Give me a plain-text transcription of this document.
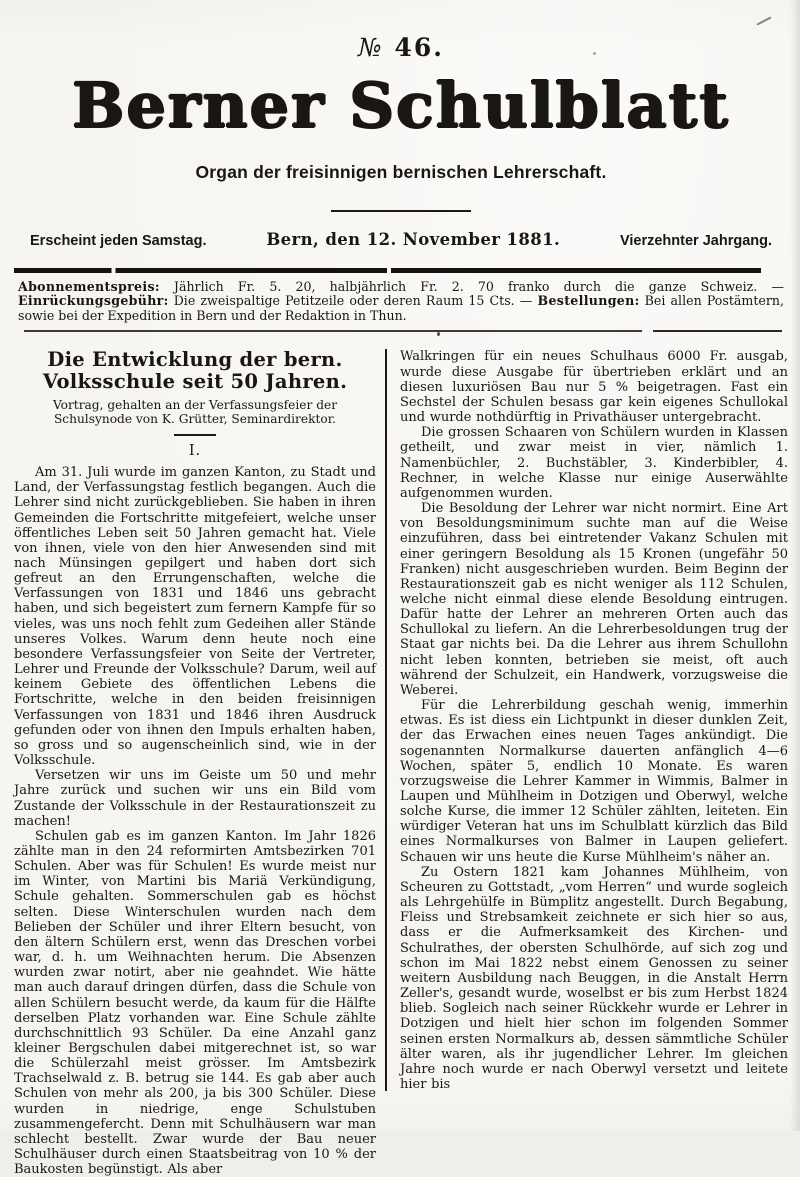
№ 46.
Berner Schulblatt
Organ der freisinnigen bernischen Lehrerschaft.
Erscheint jeden Samstag.	Bern, den 12. November 1881.	Vierzehnter Jahrgang.

Abonnementspreis: Jährlich Fr. 5. 20, halbjährlich Fr. 2. 70 franko durch die ganze Schweiz. — Einrückungsgebühr: Die zweispaltige Petitzeile oder deren Raum 15 Cts. — Bestellungen: Bei allen Postämtern, sowie bei der Expedition in Bern und der Redaktion in Thun.

Die Entwicklung der bern. Volksschule seit 50 Jahren.
Vortrag, gehalten an der Verfassungsfeier der Schulsynode von K. Grütter, Seminardirektor.
I.

Am 31. Juli wurde im ganzen Kanton, zu Stadt und Land, der Verfassungstag festlich begangen. Auch die Lehrer sind nicht zurückgeblieben. Sie haben in ihren Gemeinden die Fortschritte mitgefeiert, welche unser öffentliches Leben seit 50 Jahren gemacht hat. Viele von ihnen, viele von den hier Anwesenden sind mit nach Münsingen gepilgert und haben dort sich gefreut an den Errungenschaften, welche die Verfassungen von 1831 und 1846 uns gebracht haben, und sich begeistert zum fernern Kampfe für so vieles, was uns noch fehlt zum Gedeihen aller Stände unseres Volkes. Warum denn heute noch eine besondere Verfassungsfeier von Seite der Vertreter, Lehrer und Freunde der Volksschule? Darum, weil auf keinem Gebiete des öffentlichen Lebens die Fortschritte, welche in den beiden freisinnigen Verfassungen von 1831 und 1846 ihren Ausdruck gefunden oder von ihnen den Impuls erhalten haben, so gross und so augenscheinlich sind, wie in der Volksschule.

Versetzen wir uns im Geiste um 50 und mehr Jahre zurück und suchen wir uns ein Bild vom Zustande der Volksschule in der Restaurationszeit zu machen!

Schulen gab es im ganzen Kanton. Im Jahr 1826 zählte man in den 24 reformirten Amtsbezirken 701 Schulen. Aber was für Schulen! Es wurde meist nur im Winter, von Martini bis Mariä Verkündigung, Schule gehalten. Sommerschulen gab es höchst selten. Diese Winterschulen wurden nach dem Belieben der Schüler und ihrer Eltern besucht, von den ältern Schülern erst, wenn das Dreschen vorbei war, d. h. um Weihnachten herum. Die Absenzen wurden zwar notirt, aber nie geahndet. Wie hätte man auch darauf dringen dürfen, dass die Schule von allen Schülern besucht werde, da kaum für die Hälfte derselben Platz vorhanden war. Eine Schule zählte durchschnittlich 93 Schüler. Da eine Anzahl ganz kleiner Bergschulen dabei mitgerechnet ist, so war die Schülerzahl meist grösser. Im Amtsbezirk Trachselwald z. B. betrug sie 144. Es gab aber auch Schulen von mehr als 200, ja bis 300 Schüler. Diese wurden in niedrige, enge Schulstuben zusammengefercht. Denn mit Schulhäusern war man schlecht bestellt. Zwar wurde der Bau neuer Schulhäuser durch einen Staatsbeitrag von 10 % der Baukosten begünstigt. Als aber

Walkringen für ein neues Schulhaus 6000 Fr. ausgab, wurde diese Ausgabe für übertrieben erklärt und an diesen luxuriösen Bau nur 5 % beigetragen. Fast ein Sechstel der Schulen besass gar kein eigenes Schullokal und wurde nothdürftig in Privathäuser untergebracht.

Die grossen Schaaren von Schülern wurden in Klassen getheilt, und zwar meist in vier, nämlich 1. Namenbüchler, 2. Buchstäbler, 3. Kinderbibler, 4. Rechner, in welche Klasse nur einige Auserwählte aufgenommen wurden.

Die Besoldung der Lehrer war nicht normirt. Eine Art von Besoldungsminimum suchte man auf die Weise einzuführen, dass bei eintretender Vakanz Schulen mit einer geringern Besoldung als 15 Kronen (ungefähr 50 Franken) nicht ausgeschrieben wurden. Beim Beginn der Restaurationszeit gab es nicht weniger als 112 Schulen, welche nicht einmal diese elende Besoldung eintrugen. Dafür hatte der Lehrer an mehreren Orten auch das Schullokal zu liefern. An die Lehrerbesoldungen trug der Staat gar nichts bei. Da die Lehrer aus ihrem Schullohn nicht leben konnten, betrieben sie meist, oft auch während der Schulzeit, ein Handwerk, vorzugsweise die Weberei.

Für die Lehrerbildung geschah wenig, immerhin etwas. Es ist diess ein Lichtpunkt in dieser dunklen Zeit, der das Erwachen eines neuen Tages ankündigt. Die sogenannten Normalkurse dauerten anfänglich 4—6 Wochen, später 5, endlich 10 Monate. Es waren vorzugsweise die Lehrer Kammer in Wimmis, Balmer in Laupen und Mühlheim in Dotzigen und Oberwyl, welche solche Kurse, die immer 12 Schüler zählten, leiteten. Ein würdiger Veteran hat uns im Schulblatt kürzlich das Bild eines Normalkurses von Balmer in Laupen geliefert. Schauen wir uns heute die Kurse Mühlheim's näher an.

Zu Ostern 1821 kam Johannes Mühlheim, von Scheuren zu Gottstadt, „vom Herren“ und wurde sogleich als Lehrgehülfe in Bümplitz angestellt. Durch Begabung, Fleiss und Strebsamkeit zeichnete er sich hier so aus, dass er die Aufmerksamkeit des Kirchen- und Schulrathes, der obersten Schulhörde, auf sich zog und schon im Mai 1822 nebst einem Genossen zu seiner weitern Ausbildung nach Beuggen, in die Anstalt Herrn Zeller's, gesandt wurde, woselbst er bis zum Herbst 1824 blieb. Sogleich nach seiner Rückkehr wurde er Lehrer in Dotzigen und hielt hier schon im folgenden Sommer seinen ersten Normalkurs ab, dessen sämmtliche Schüler älter waren, als ihr jugendlicher Lehrer. Im gleichen Jahre noch wurde er nach Oberwyl versetzt und leitete hier bis
